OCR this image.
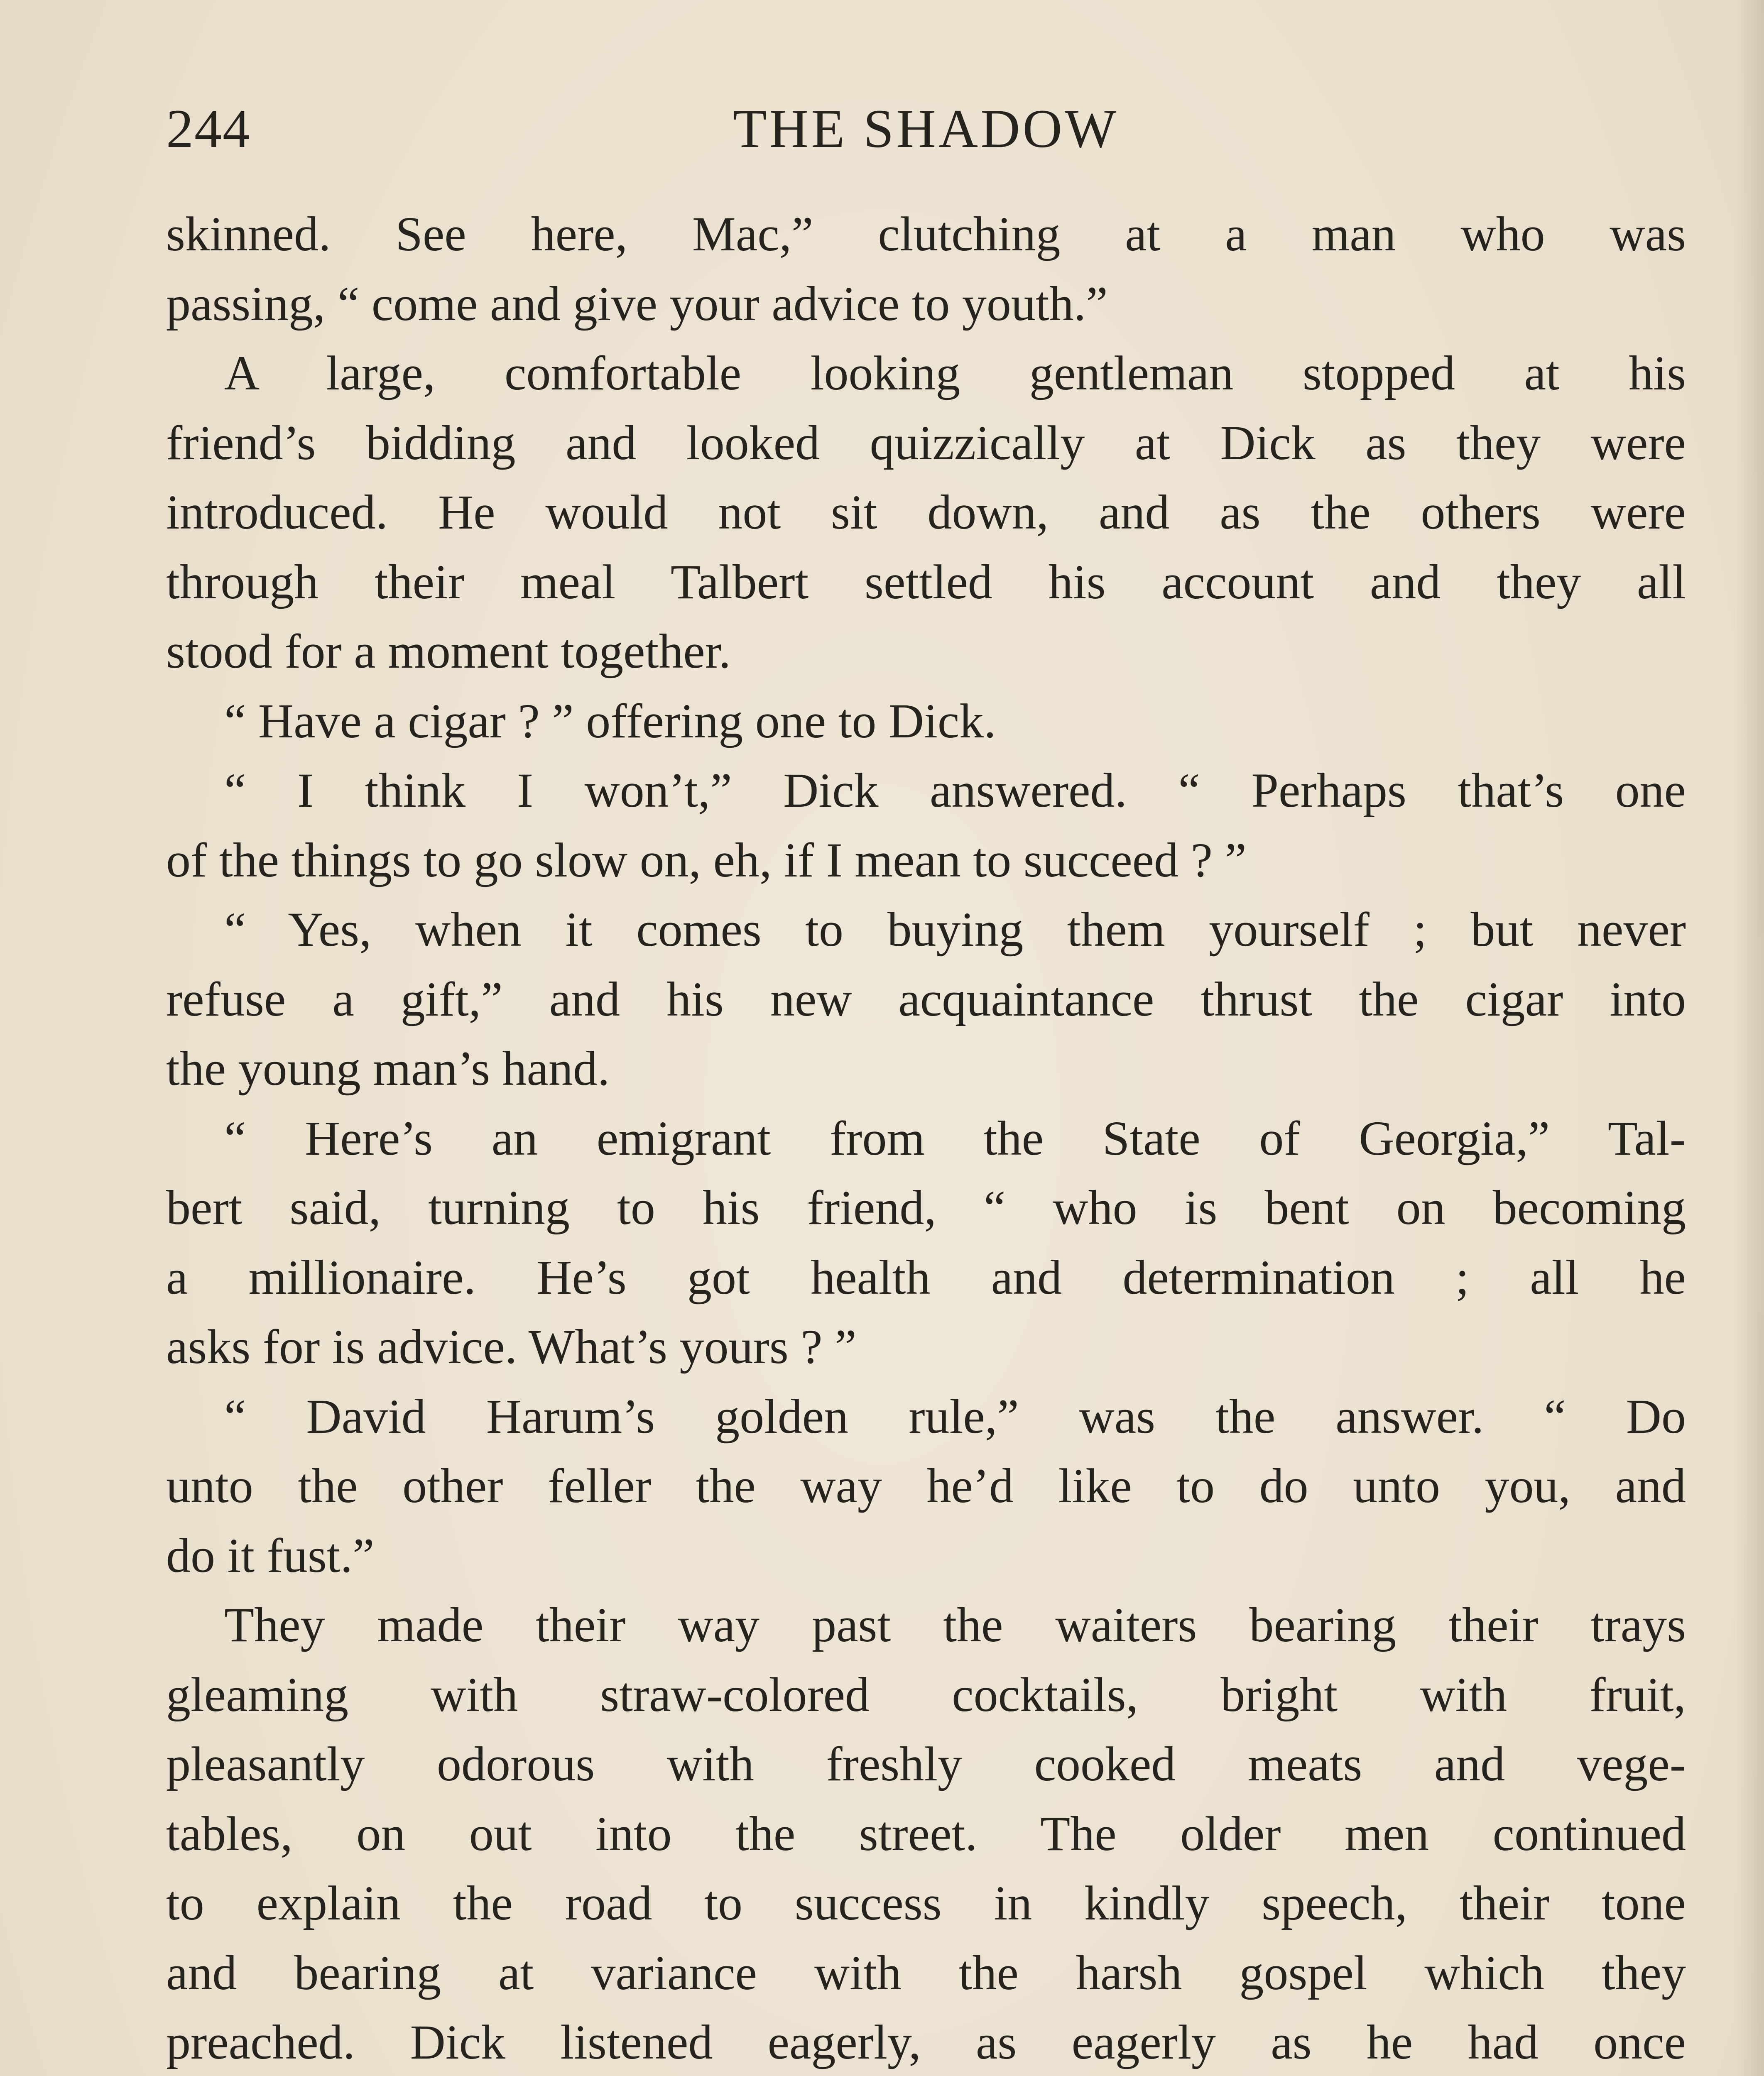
244	THE SHADOW
skinned. See here, Mac,” clutching at a man who was
passing, “ come and give your advice to youth.”
A large, comfortable looking gentleman stopped at his
friend’s bidding and looked quizzically at Dick as they were
introduced. He would not sit down, and as the others were
through their meal Talbert settled his account and they all
stood for a moment together.
“ Have a cigar ? ” offering one to Dick.
“ I think I won’t,” Dick answered. “ Perhaps that’s one
of the things to go slow on, eh, if I mean to succeed ? ”
“ Yes, when it comes to buying them yourself ; but never
refuse a gift,” and his new acquaintance thrust the cigar into
the young man’s hand.
“ Here’s an emigrant from the State of Georgia,” Tal-
bert said, turning to his friend, “ who is bent on becoming
a millionaire. He’s got health and determination ; all he
asks for is advice. What’s yours ? ”
“ David Harum’s golden rule,” was the answer. “ Do
unto the other feller the way he’d like to do unto you, and
do it fust.”
They made their way past the waiters bearing their trays
gleaming with straw-colored cocktails, bright with fruit,
pleasantly odorous with freshly cooked meats and vege-
tables, on out into the street. The older men continued
to explain the road to success in kindly speech, their tone
and bearing at variance with the harsh gospel which they
preached. Dick listened eagerly, as eagerly as he had once
